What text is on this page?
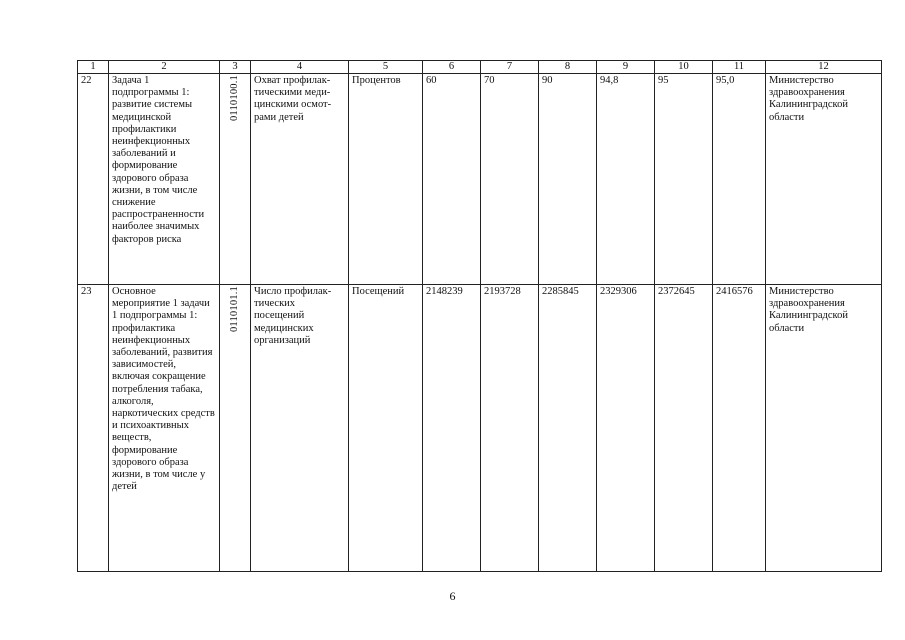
1	2	3	4	5	6	7	8	9	10	11	12
22	Задача 1 подпрограммы 1: развитие системы медицинской профилактики неинфекционных заболеваний и формирование здорового образа жизни, в том числе снижение распространенности наиболее значимых факторов риска	0110100.1	Охват профилак-тическими меди-цинскими осмот-рами детей	Процентов	60	70	90	94,8	95	95,0	Министерство здравоохранения Калининградской области
23	Основное мероприятие 1 задачи 1 подпрограммы 1: профилактика неинфекционных заболеваний, развития зависимостей, включая сокращение потребления табака, алкоголя, наркотических средств и психоактивных веществ, формирование здорового образа жизни, в том числе у детей	0110101.1	Число профилак-тических посещений медицинских организаций	Посещений	2148239	2193728	2285845	2329306	2372645	2416576	Министерство здравоохранения Калининградской области
6
